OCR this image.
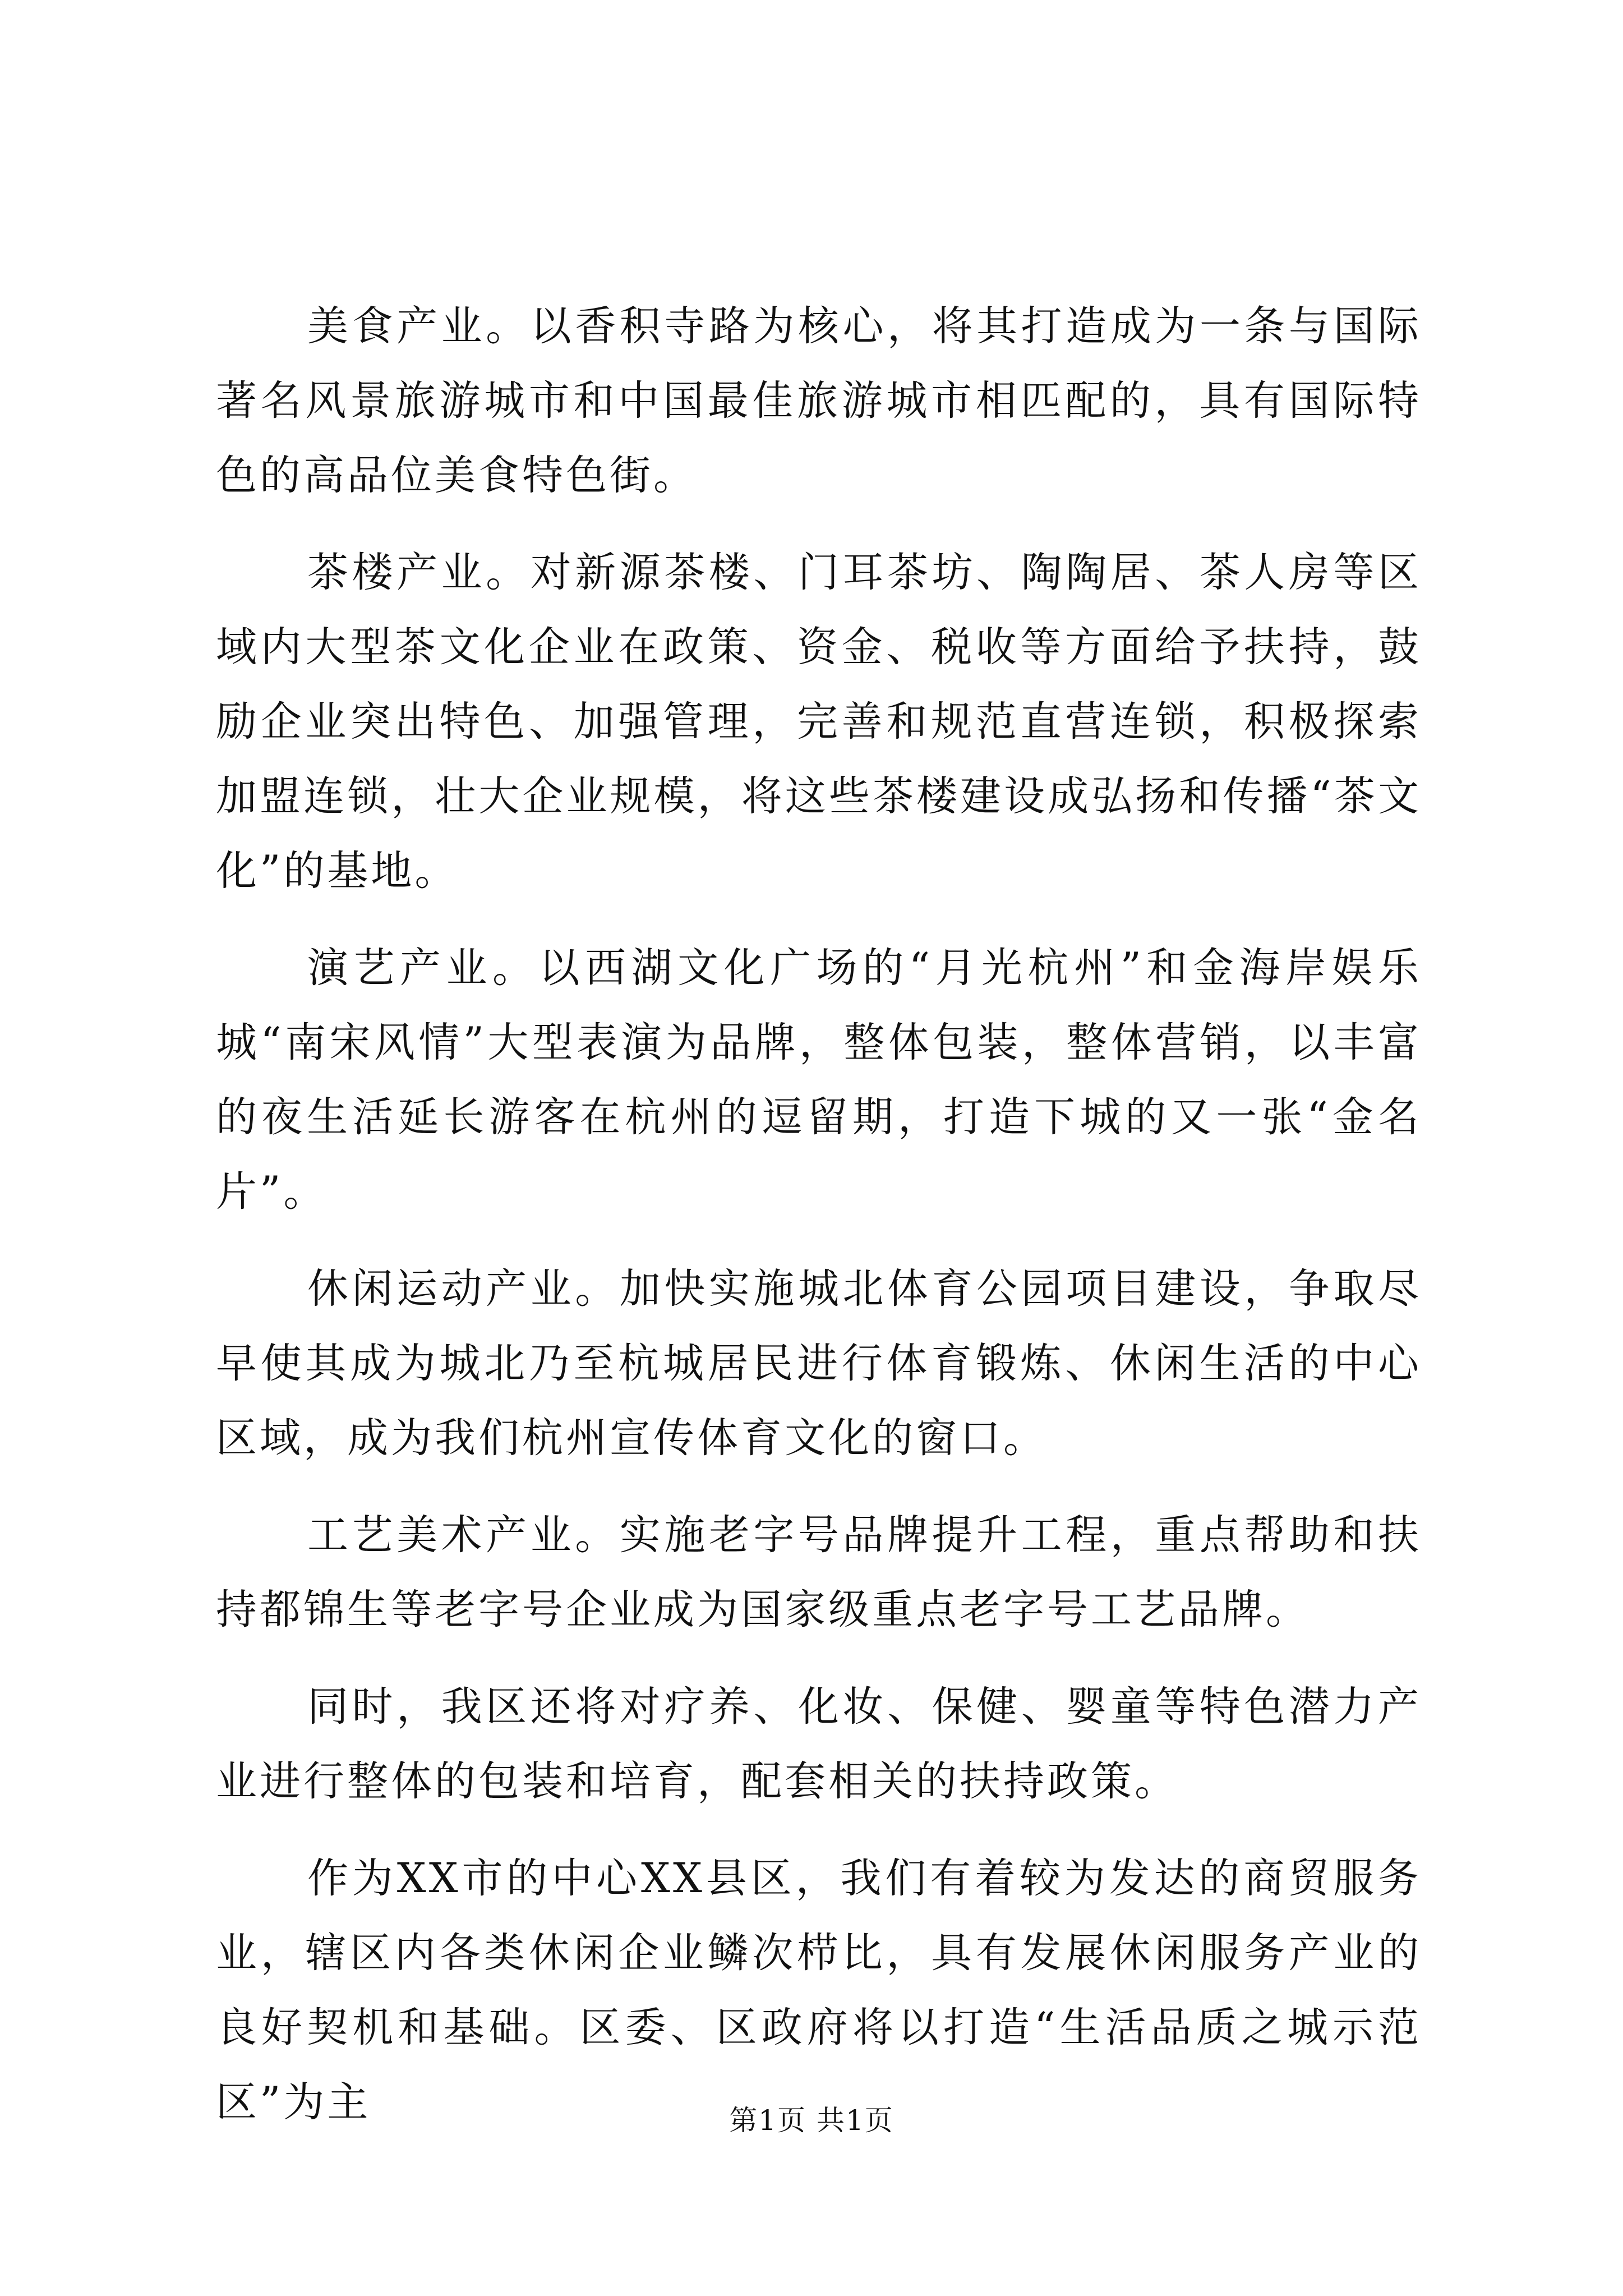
美食产业。以香积寺路为核心，将其打造成为一条与国际著名风景旅游城市和中国最佳旅游城市相匹配的，具有国际特色的高品位美食特色街。

茶楼产业。对新源茶楼、门耳茶坊、陶陶居、茶人房等区域内大型茶文化企业在政策、资金、税收等方面给予扶持，鼓励企业突出特色、加强管理，完善和规范直营连锁，积极探索加盟连锁，壮大企业规模，将这些茶楼建设成弘扬和传播“茶文化”的基地。

演艺产业。以西湖文化广场的“月光杭州”和金海岸娱乐城“南宋风情”大型表演为品牌，整体包装，整体营销，以丰富的夜生活延长游客在杭州的逗留期，打造下城的又一张“金名片”。

休闲运动产业。加快实施城北体育公园项目建设，争取尽早使其成为城北乃至杭城居民进行体育锻炼、休闲生活的中心区域，成为我们杭州宣传体育文化的窗口。

工艺美术产业。实施老字号品牌提升工程，重点帮助和扶持都锦生等老字号企业成为国家级重点老字号工艺品牌。

同时，我区还将对疗养、化妆、保健、婴童等特色潜力产业进行整体的包装和培育，配套相关的扶持政策。

作为XX市的中心XX县区，我们有着较为发达的商贸服务业，辖区内各类休闲企业鳞次栉比，具有发展休闲服务产业的良好契机和基础。区委、区政府将以打造“生活品质之城示范区”为主	第1页 共1页
